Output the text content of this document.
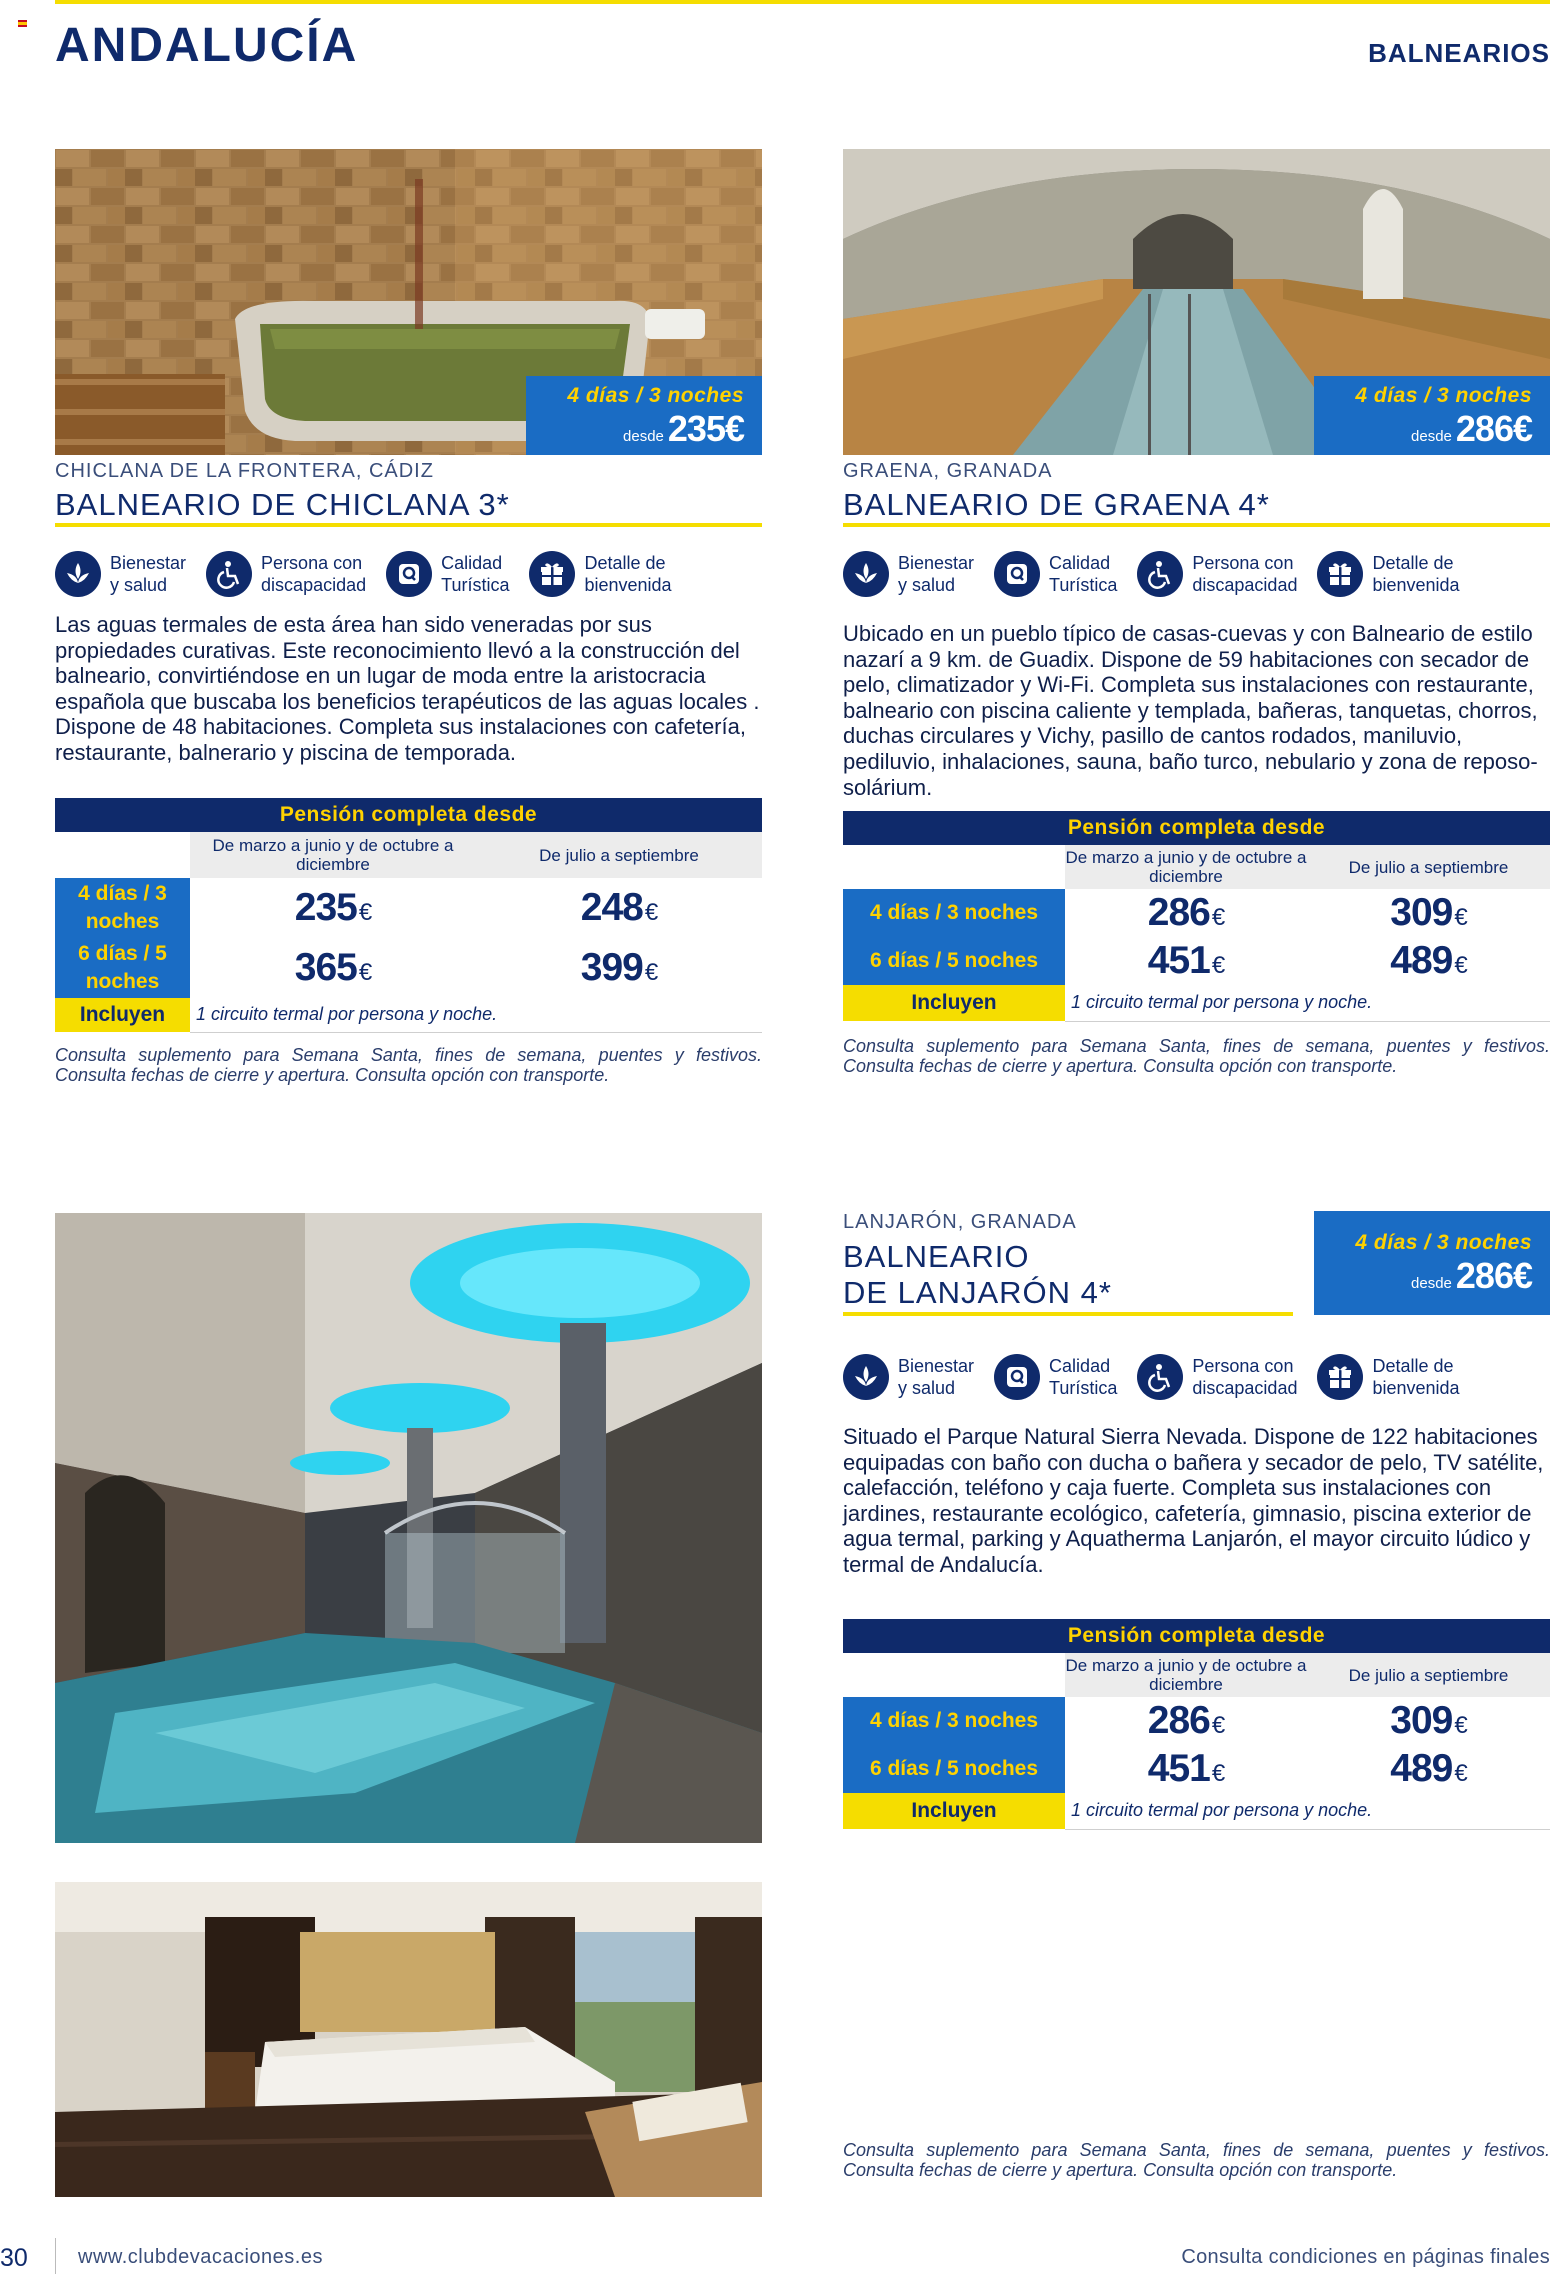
ANDALUCÍA	BALNEARIOS
4 días / 3 noches
desde 235€
CHICLANA DE LA FRONTERA, CÁDIZ
BALNEARIO DE CHICLANA 3*
Bienestar
y salud
Persona con
discapacidad
Calidad
Turística
Detalle de
bienvenida
Las aguas termales de esta área han sido veneradas por sus propiedades curativas. Este reconocimiento llevó a la construcción del balneario, convirtiéndose en un lugar de moda entre la aristocracia española que buscaba los beneficios terapéuticos de las aguas locales . Dispone de 48 habitaciones. Completa sus instalaciones con cafetería, restaurante, balnerario y piscina de temporada.
Pensión completa desde		
	De marzo a junio y de octubre a diciembre	De julio a septiembre
4 días / 3 noches	235€	248€
6 días / 5 noches	365€	399€
Incluyen	1 circuito termal por persona y noche.	
Consulta suplemento para Semana Santa, fines de semana, puentes y festivos. Consulta fechas de cierre y apertura. Consulta opción con transporte.
4 días / 3 noches
desde 286€
GRAENA, GRANADA
BALNEARIO DE GRAENA 4*
Bienestar
y salud
Calidad
Turística
Persona con
discapacidad
Detalle de
bienvenida
Ubicado en un pueblo típico de casas-cuevas y con Balneario de estilo nazarí a 9 km. de Guadix. Dispone de 59 habitaciones con secador de pelo, climatizador y Wi-Fi. Completa sus instalaciones con restaurante, balneario con piscina caliente y templada, bañeras, tanquetas, chorros, duchas circulares y Vichy, pasillo de cantos rodados, maniluvio, pediluvio, inhalaciones, sauna, baño turco, nebulario y zona de reposo-solárium.
Pensión completa desde		
	De marzo a junio y de octubre a diciembre	De julio a septiembre
4 días / 3 noches	286€	309€
6 días / 5 noches	451€	489€
Incluyen	1 circuito termal por persona y noche.	
Consulta suplemento para Semana Santa, fines de semana, puentes y festivos. Consulta fechas de cierre y apertura. Consulta opción con transporte.
LANJARÓN, GRANADA
BALNEARIO
DE LANJARÓN 4*
4 días / 3 noches
desde 286€
Bienestar
y salud
Calidad
Turística
Persona con
discapacidad
Detalle de
bienvenida
Situado el Parque Natural Sierra Nevada. Dispone de 122 habitaciones equipadas con baño con ducha o bañera y secador de pelo, TV satélite, calefacción, teléfono y caja fuerte. Completa sus instalaciones con jardines, restaurante ecológico, cafetería, gimnasio, piscina exterior de agua termal, parking y Aquatherma Lanjarón, el mayor circuito lúdico y termal de Andalucía.
Pensión completa desde		
	De marzo a junio y de octubre a diciembre	De julio a septiembre
4 días / 3 noches	286€	309€
6 días / 5 noches	451€	489€
Incluyen	1 circuito termal por persona y noche.	
Consulta suplemento para Semana Santa, fines de semana, puentes y festivos. Consulta fechas de cierre y apertura. Consulta opción con transporte.
30	www.clubdevacaciones.es	Consulta condiciones en páginas finales
